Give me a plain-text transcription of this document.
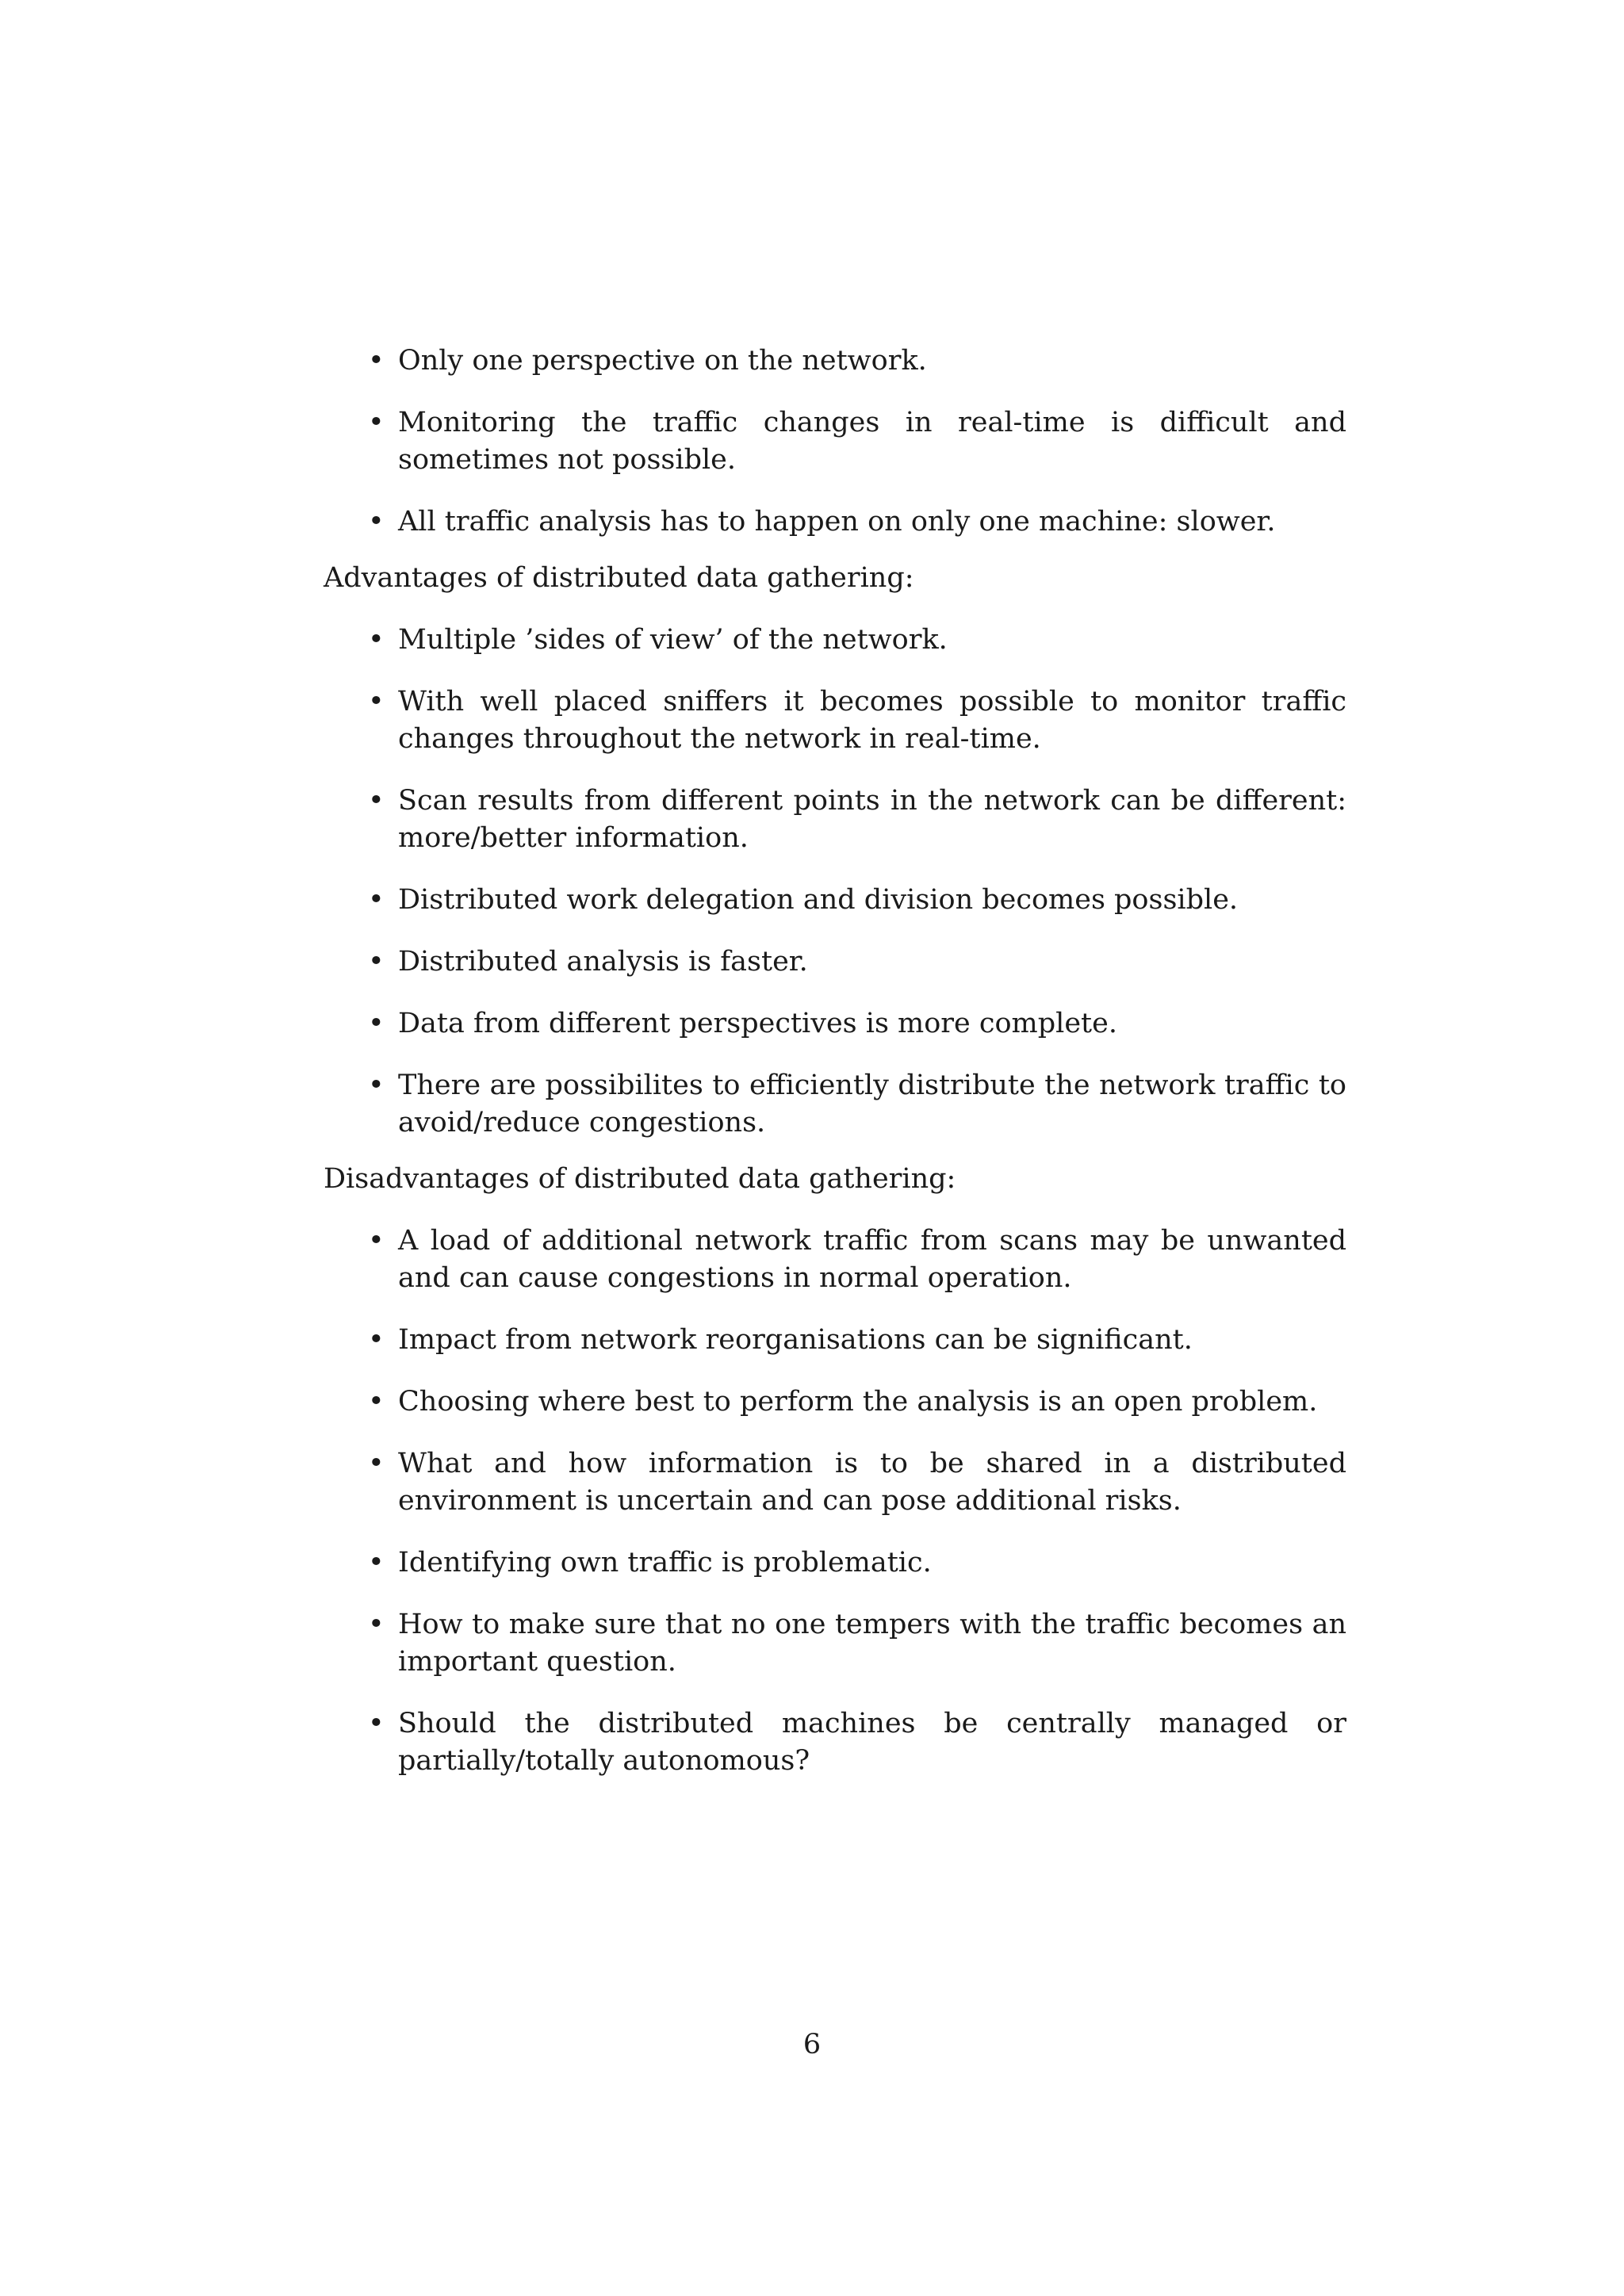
• Only one perspective on the network.
• Monitoring the traffic changes in real-time is difficult and sometimes not possible.
• All traffic analysis has to happen on only one machine: slower.

Advantages of distributed data gathering:

• Multiple ’sides of view’ of the network.
• With well placed sniffers it becomes possible to monitor traffic changes throughout the network in real-time.
• Scan results from different points in the network can be different: more/better information.
• Distributed work delegation and division becomes possible.
• Distributed analysis is faster.
• Data from different perspectives is more complete.
• There are possibilites to efficiently distribute the network traffic to avoid/reduce congestions.

Disadvantages of distributed data gathering:

• A load of additional network traffic from scans may be unwanted and can cause congestions in normal operation.
• Impact from network reorganisations can be significant.
• Choosing where best to perform the analysis is an open problem.
• What and how information is to be shared in a distributed environment is uncertain and can pose additional risks.
• Identifying own traffic is problematic.
• How to make sure that no one tempers with the traffic becomes an important question.
• Should the distributed machines be centrally managed or partially/totally autonomous?
6
